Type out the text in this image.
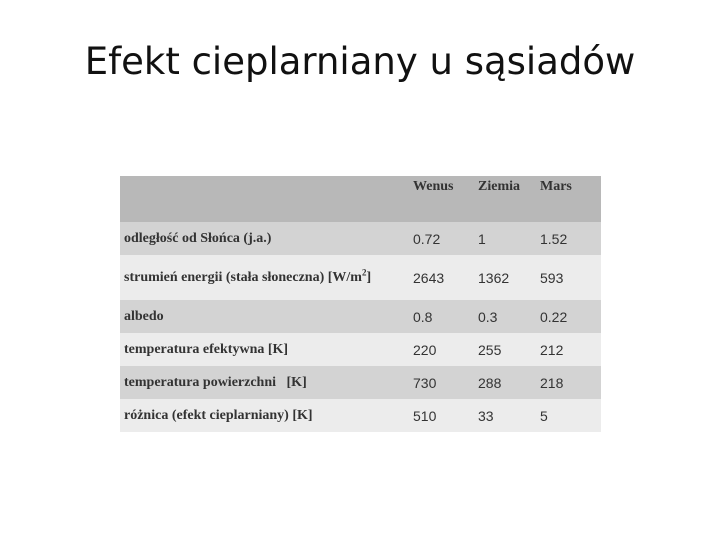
Efekt cieplarniany u sąsiadów
	Wenus	Ziemia	Mars
odległość od Słońca (j.a.)	0.72	1	1.52
strumień energii (stała słoneczna) $[W/m^2]$	2643	1362	593
albedo	0.8	0.3	0.22
temperatura efektywna [K]	220	255	212
temperatura powierzchni   [K]	730	288	218
różnica (efekt cieplarniany) [K]	510	33	5
